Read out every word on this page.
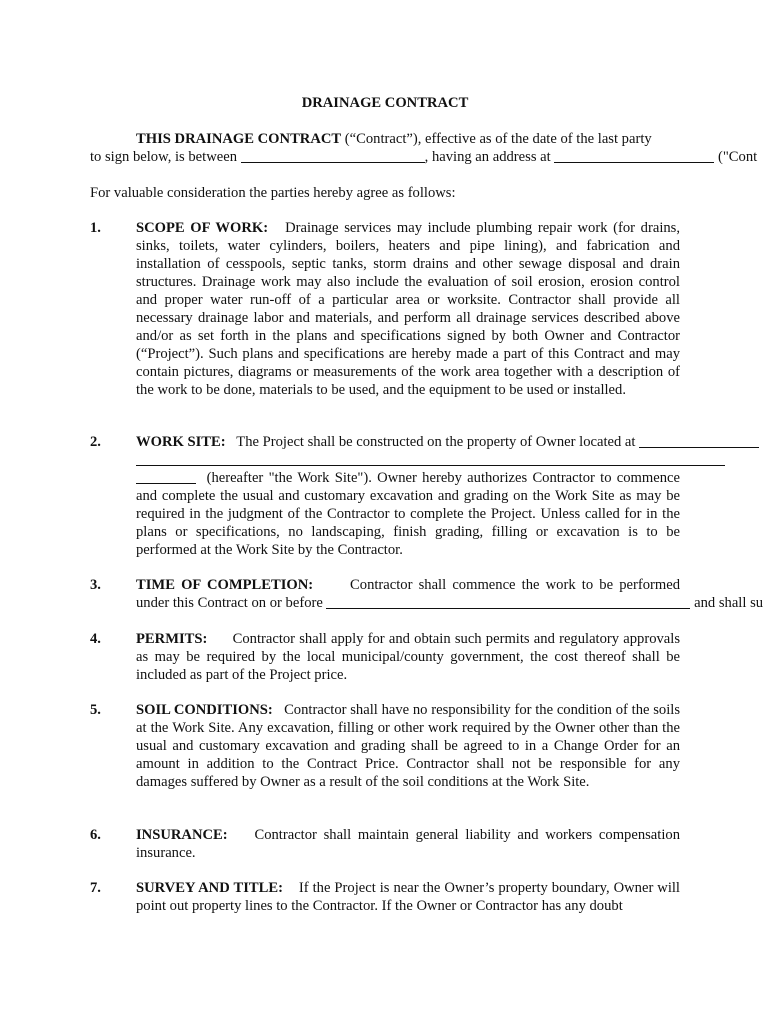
DRAINAGE CONTRACT
THIS DRAINAGE CONTRACT (“Contract”), effective as of the date of the last party
to sign below, is between	, having an address at	("Cont
For valuable consideration the parties hereby agree as follows:
1. SCOPE OF WORK: Drainage services may include plumbing repair work (for drains, sinks, toilets, water cylinders, boilers, heaters and pipe lining), and fabrication and installation of cesspools, septic tanks, storm drains and other sewage disposal and drain structures. Drainage work may also include the evaluation of soil erosion, erosion control and proper water run-off of a particular area or worksite. Contractor shall provide all necessary drainage labor and materials, and perform all drainage services described above and/or as set forth in the plans and specifications signed by both Owner and Contractor (“Project”). Such plans and specifications are hereby made a part of this Contract and may contain pictures, diagrams or measurements of the work area together with a description of the work to be done, materials to be used, and the equipment to be used or installed.
2. WORK SITE: The Project shall be constructed on the property of Owner located at
(hereafter "the Work Site"). Owner hereby authorizes Contractor to commence and complete the usual and customary excavation and grading on the Work Site as may be required in the judgment of the Contractor to complete the Project. Unless called for in the plans or specifications, no landscaping, finish grading, filling or excavation is to be performed at the Work Site by the Contractor.
3. TIME OF COMPLETION:	Contractor shall commence the work to be performed
under this Contract on or before	and shall su
4. PERMITS: Contractor shall apply for and obtain such permits and regulatory approvals as may be required by the local municipal/county government, the cost thereof shall be included as part of the Project price.
5. SOIL CONDITIONS: Contractor shall have no responsibility for the condition of the soils at the Work Site. Any excavation, filling or other work required by the Owner other than the usual and customary excavation and grading shall be agreed to in a Change Order for an amount in addition to the Contract Price. Contractor shall not be responsible for any damages suffered by Owner as a result of the soil conditions at the Work Site.
6. INSURANCE: Contractor shall maintain general liability and workers compensation insurance.
7. SURVEY AND TITLE: If the Project is near the Owner’s property boundary, Owner will point out property lines to the Contractor. If the Owner or Contractor has any doubt
